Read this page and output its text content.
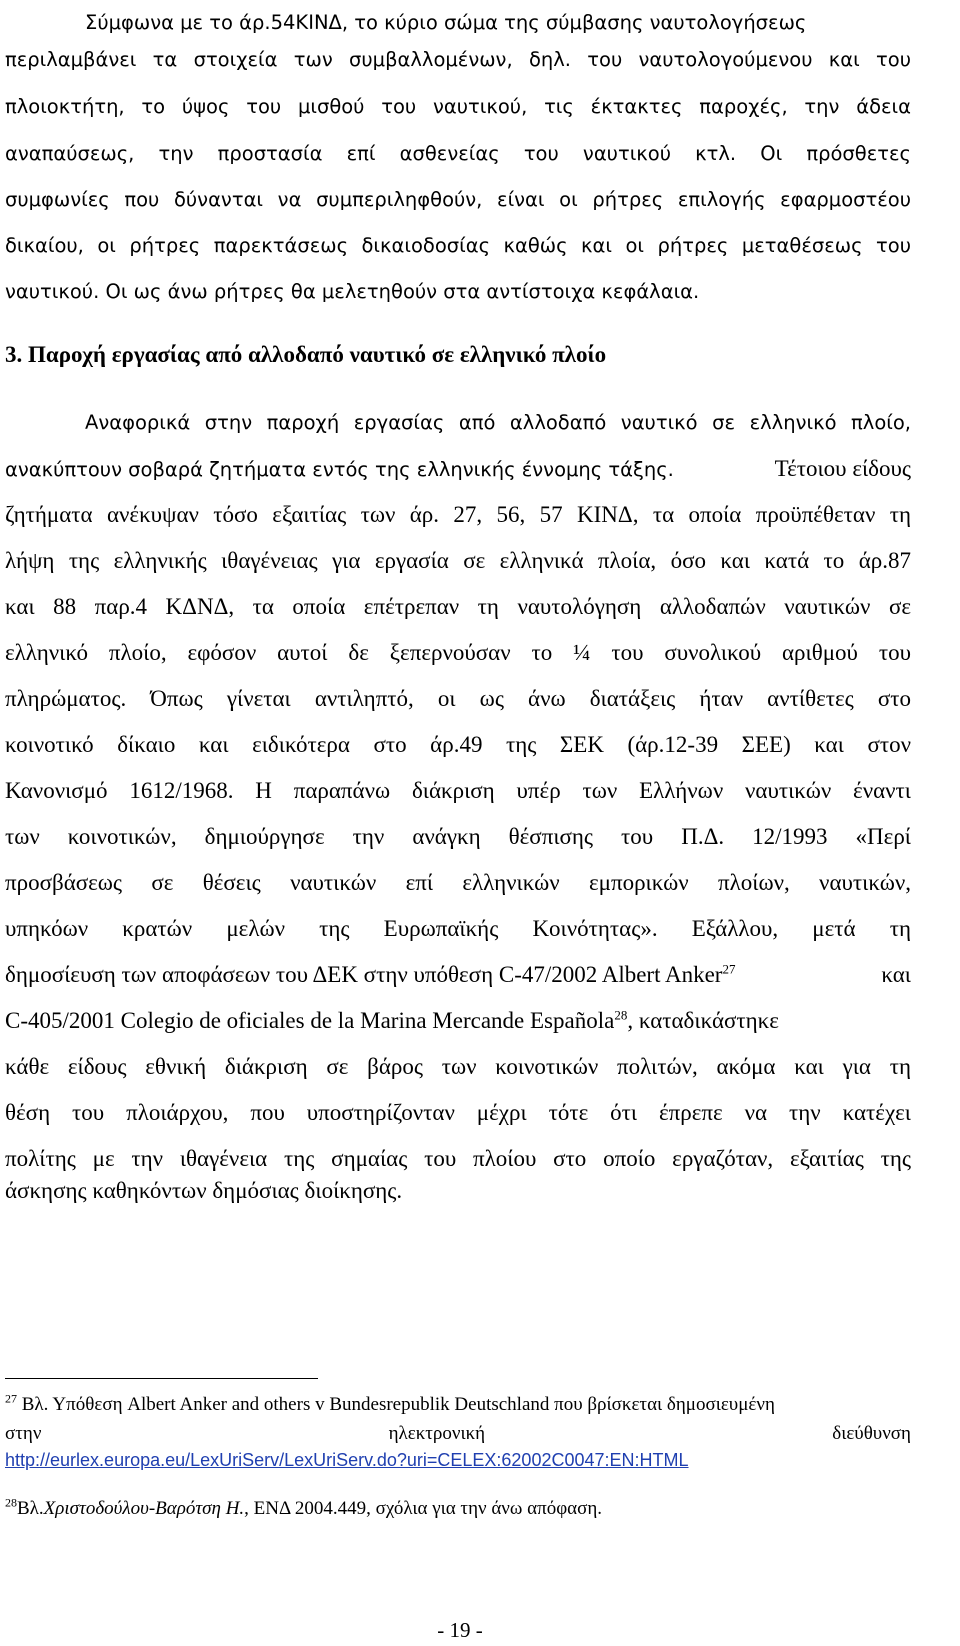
Σύμφωνα με το άρ.54ΚΙΝΔ, το κύριο σώμα της σύμβασης ναυτολογήσεως
περιλαμβάνει τα στοιχεία των συμβαλλομένων, δηλ. του ναυτολογούμενου και του
πλοιοκτήτη, το ύψος του μισθού του ναυτικού, τις έκτακτες παροχές, την άδεια
αναπαύσεως, την προστασία επί ασθενείας του ναυτικού κτλ. Οι πρόσθετες
συμφωνίες που δύνανται να συμπεριληφθούν, είναι οι ρήτρες επιλογής εφαρμοστέου
δικαίου, οι ρήτρες παρεκτάσεως δικαιοδοσίας καθώς και οι ρήτρες μεταθέσεως του
ναυτικού. Οι ως άνω ρήτρες θα μελετηθούν στα αντίστοιχα κεφάλαια.
3. Παροχή εργασίας από αλλοδαπό ναυτικό σε ελληνικό πλοίο
Αναφορικά στην παροχή εργασίας από αλλοδαπό ναυτικό σε ελληνικό πλοίο,
ανακύπτουν σοβαρά ζητήματα εντός της ελληνικής έννομης τάξης.	Τέτοιου είδους
ζητήματα ανέκυψαν τόσο εξαιτίας των άρ. 27, 56, 57 ΚΙΝΔ, τα οποία προϋπέθεταν τη
λήψη της ελληνικής ιθαγένειας για εργασία σε ελληνικά πλοία, όσο και κατά το άρ.87
και 88 παρ.4 ΚΔΝΔ, τα οποία επέτρεπαν τη ναυτολόγηση αλλοδαπών ναυτικών σε
ελληνικό πλοίο, εφόσον αυτοί δε ξεπερνούσαν το ¼ του συνολικού αριθμού του
πληρώματος. Όπως γίνεται αντιληπτό, οι ως άνω διατάξεις ήταν αντίθετες στο
κοινοτικό δίκαιο και ειδικότερα στο άρ.49 της ΣΕΚ (άρ.12-39 ΣΕΕ) και στον
Κανονισμό 1612/1968. Η παραπάνω διάκριση υπέρ των Ελλήνων ναυτικών έναντι
των κοινοτικών, δημιούργησε την ανάγκη θέσπισης του Π.Δ. 12/1993 «Περί
προσβάσεως σε θέσεις ναυτικών επί ελληνικών εμπορικών πλοίων, ναυτικών,
υπηκόων κρατών μελών της Ευρωπαϊκής Κοινότητας». Εξάλλου, μετά τη
δημοσίευση των αποφάσεων του ΔΕΚ στην υπόθεση C-47/2002 Albert Anker$^{27}$	και
C-405/2001 Colegio de oficiales de la Marina Mercande Española$^{28}$, καταδικάστηκε
κάθε είδους εθνική διάκριση σε βάρος των κοινοτικών πολιτών, ακόμα και για τη
θέση του πλοιάρχου, που υποστηρίζονταν μέχρι τότε ότι έπρεπε να την κατέχει
πολίτης με την ιθαγένεια της σημαίας του πλοίου στο οποίο εργαζόταν, εξαιτίας της
άσκησης καθηκόντων δημόσιας διοίκησης.
$^{27}$ Βλ. Υπόθεση Albert Anker and others v Bundesrepublik Deutschland που βρίσκεται δημοσιευμένη
στην	ηλεκτρονική	διεύθυνση
http://eurlex.europa.eu/LexUriServ/LexUriServ.do?uri=CELEX:62002C0047:EN:HTML
$^{28}$Βλ.Χριστοδούλου-Βαρότση Η., ΕΝΔ 2004.449, σχόλια για την άνω απόφαση.
- 19 -
